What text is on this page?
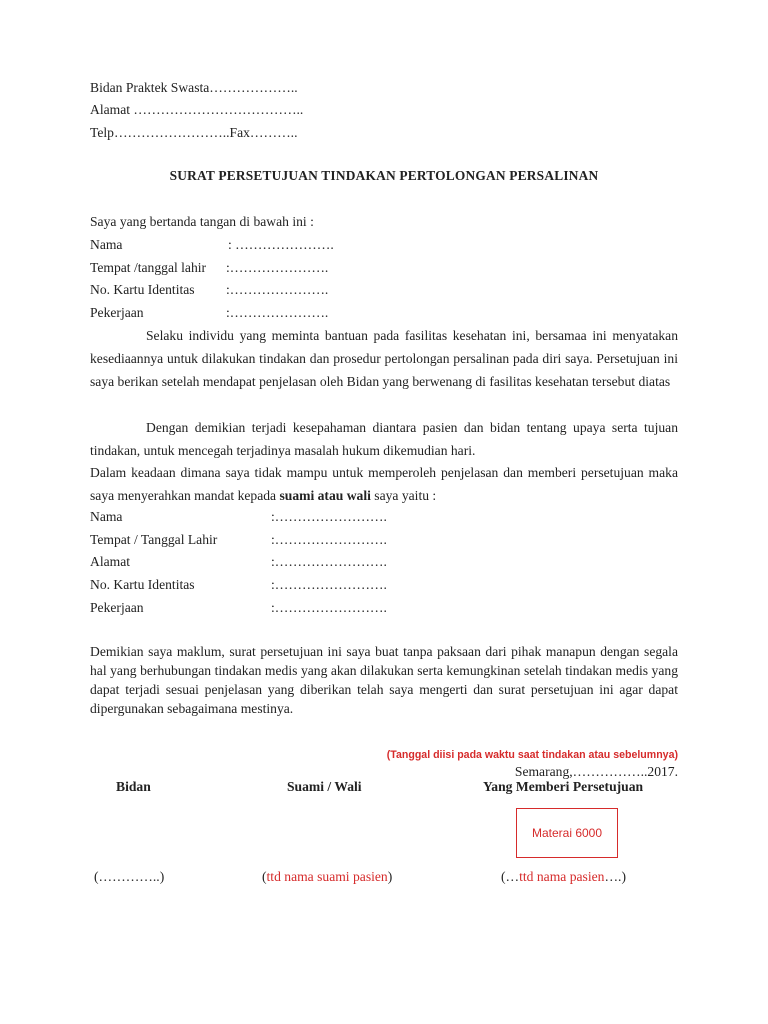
Bidan Praktek Swasta………………..
Alamat ………………………………..
Telp……………………..Fax………..
SURAT PERSETUJUAN TINDAKAN PERTOLONGAN PERSALINAN
Saya yang bertanda tangan di bawah ini :
Nama	: ………………….
Tempat /tanggal lahir :………………….
No. Kartu Identitas :………………….
Pekerjaan	:………………….
Selaku individu yang meminta bantuan pada fasilitas kesehatan ini, bersamaa ini menyatakan kesediaannya untuk dilakukan tindakan dan prosedur pertolongan persalinan pada diri saya. Persetujuan ini saya berikan setelah mendapat penjelasan oleh Bidan yang berwenang di fasilitas kesehatan tersebut diatas
Dengan demikian terjadi kesepahaman diantara pasien dan bidan tentang upaya serta tujuan tindakan, untuk mencegah terjadinya masalah hukum dikemudian hari.
Dalam keadaan dimana saya tidak mampu untuk memperoleh penjelasan dan memberi persetujuan maka saya menyerahkan mandat kepada suami atau wali saya yaitu :
Nama	:…………………….
Tempat / Tanggal Lahir	:…………………….
Alamat	:…………………….
No. Kartu Identitas	:…………………….
Pekerjaan	:…………………….
Demikian saya maklum, surat persetujuan ini saya buat tanpa paksaan dari pihak manapun dengan segala hal yang berhubungan tindakan medis yang akan dilakukan serta kemungkinan setelah tindakan medis yang dapat terjadi sesuai penjelasan yang diberikan telah saya mengerti dan surat persetujuan ini agar dapat dipergunakan sebagaimana mestinya.
(Tanggal diisi pada waktu saat tindakan atau sebelumnya)
Semarang,……………..2017.
Bidan	Suami / Wali	Yang Memberi Persetujuan
Materai 6000
(…………..)	(ttd nama suami pasien)	(…ttd nama pasien….)
